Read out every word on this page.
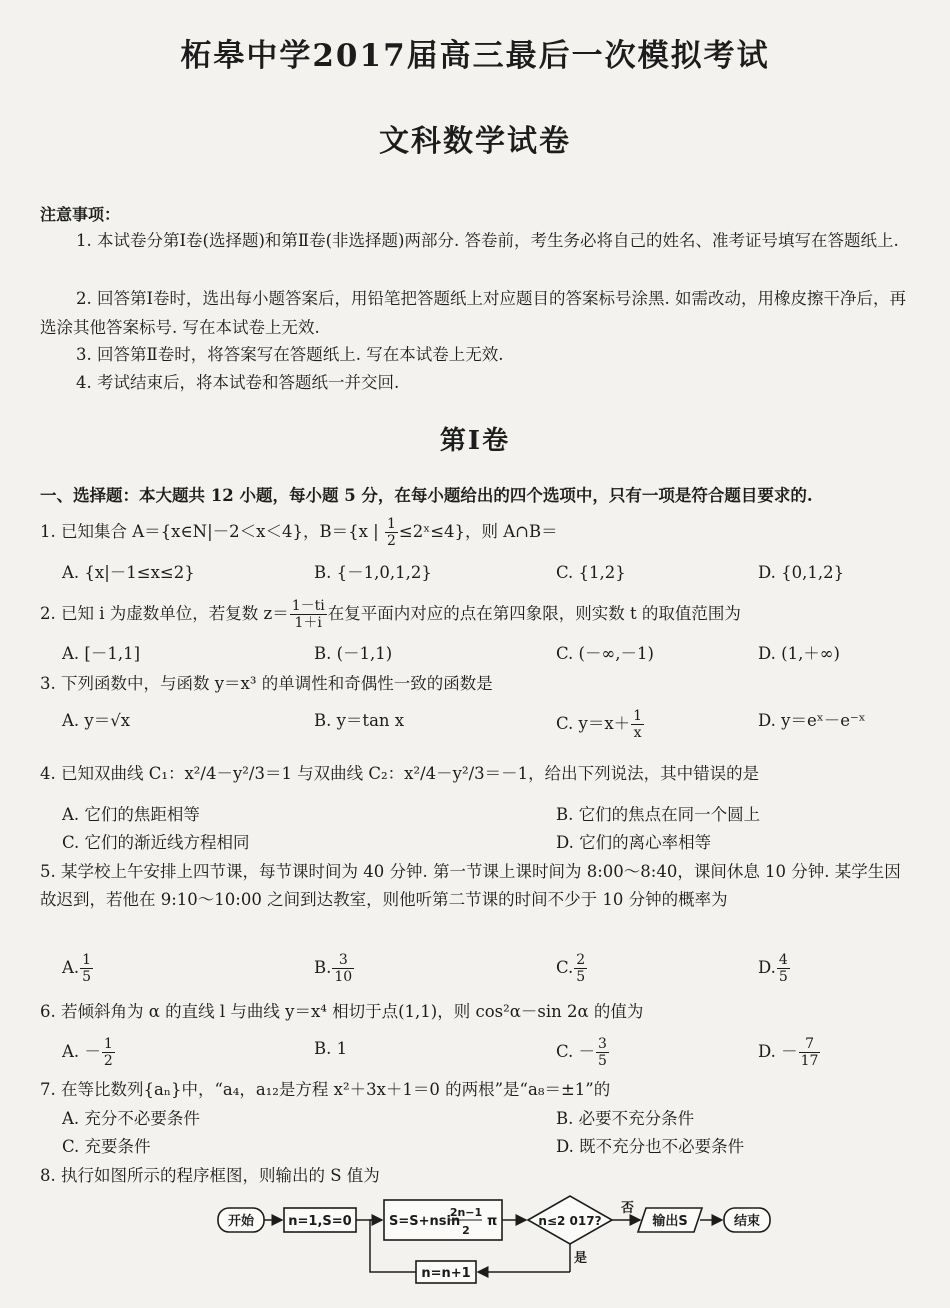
柘皋中学2017届高三最后一次模拟考试
文科数学试卷
注意事项：
1. 本试卷分第Ⅰ卷(选择题)和第Ⅱ卷(非选择题)两部分. 答卷前，考生务必将自己的姓名、准考证号填写在答题纸上.
2. 回答第Ⅰ卷时，选出每小题答案后，用铅笔把答题纸上对应题目的答案标号涂黑. 如需改动，用橡皮擦干净后，再选涂其他答案标号. 写在本试卷上无效.
3. 回答第Ⅱ卷时，将答案写在答题纸上. 写在本试卷上无效.
4. 考试结束后，将本试卷和答题纸一并交回.
第Ⅰ卷
一、选择题：本大题共 12 小题，每小题 5 分，在每小题给出的四个选项中，只有一项是符合题目要求的.
1. 已知集合 A＝{x∈N|－2＜x＜4}，B＝{x | $\frac{1}{2}$ ≤2ˣ≤4}，则 A∩B＝
A. {x|－1≤x≤2}	B. {－1,0,1,2}	C. {1,2}	D. {0,1,2}
2. 已知 i 为虚数单位，若复数 $z= \frac{1-ti}{1+i}$ 在复平面内对应的点在第四象限，则实数 t 的取值范围为
A. [－1,1]	B. (－1,1)	C. (－∞,－1)	D. (1,＋∞)
3. 下列函数中，与函数 y＝x³ 的单调性和奇偶性一致的函数是
A. y＝√x	B. y＝tan x	C. $y=x+ \frac{1}{x}$	D. y＝eˣ－e⁻ˣ
4. 已知双曲线 C₁：x²/4－y²/3＝1 与双曲线 C₂：x²/4－y²/3＝－1，给出下列说法，其中错误的是
A. 它们的焦距相等	B. 它们的焦点在同一个圆上
C. 它们的渐近线方程相同	D. 它们的离心率相等
5. 某学校上午安排上四节课，每节课时间为 40 分钟. 第一节课上课时间为 8:00～8:40，课间休息 10 分钟. 某学生因故迟到，若他在 9:10～10:00 之间到达教室，则他听第二节课的时间不少于 10 分钟的概率为
A. $\frac{1}{5}$	B. $\frac{3}{10}$	C. $\frac{2}{5}$	D. $\frac{4}{5}$
6. 若倾斜角为 α 的直线 l 与曲线 y＝x⁴ 相切于点(1,1)，则 cos²α－sin 2α 的值为
A. － $\frac{1}{2}$	B. 1	C. － $\frac{3}{5}$	D. － $\frac{7}{17}$
7. 在等比数列{aₙ}中，“a₄，a₁₂是方程 x²＋3x＋1＝0 的两根”是“a₈＝±1”的
A. 充分不必要条件	B. 必要不充分条件
C. 充要条件	D. 既不充分也不必要条件
8. 执行如图所示的程序框图，则输出的 S 值为
开始	n=1,S=0	S=S+nsin
2n−1
2
π	n≤2 017?
否
输出S	结束
是
n=n+1
